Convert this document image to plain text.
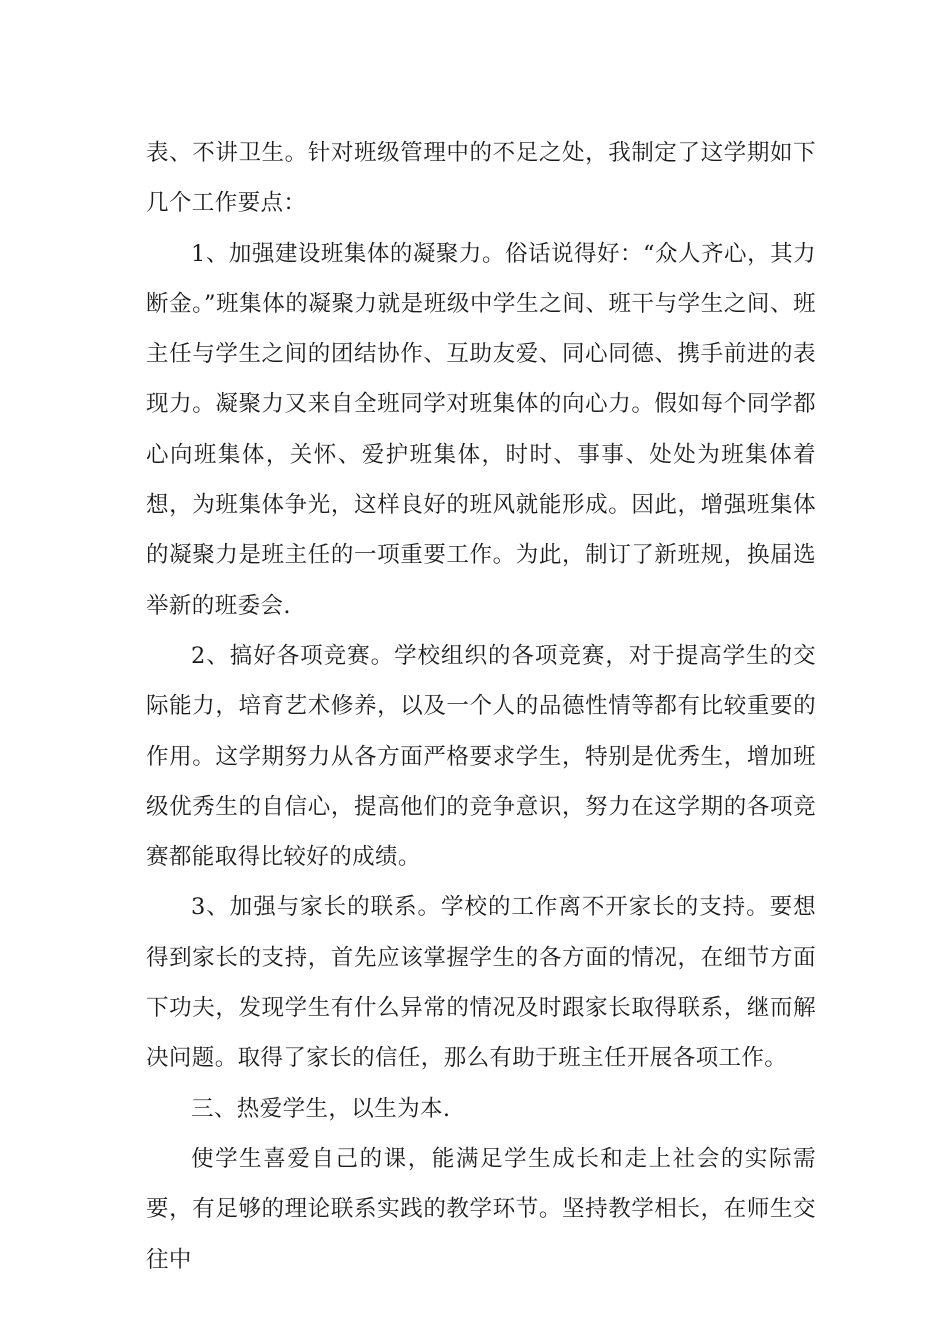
表、不讲卫生。针对班级管理中的不足之处，我制定了这学期如下几个工作要点：

1、加强建设班集体的凝聚力。俗话说得好：“众人齐心，其力断金。”班集体的凝聚力就是班级中学生之间、班干与学生之间、班主任与学生之间的团结协作、互助友爱、同心同德、携手前进的表现力。凝聚力又来自全班同学对班集体的向心力。假如每个同学都心向班集体，关怀、爱护班集体，时时、事事、处处为班集体着想，为班集体争光，这样良好的班风就能形成。因此，增强班集体的凝聚力是班主任的一项重要工作。为此，制订了新班规，换届选举新的班委会.

2、搞好各项竞赛。学校组织的各项竞赛，对于提高学生的交际能力，培育艺术修养，以及一个人的品德性情等都有比较重要的作用。这学期努力从各方面严格要求学生，特别是优秀生，增加班级优秀生的自信心，提高他们的竞争意识，努力在这学期的各项竞赛都能取得比较好的成绩。

3、加强与家长的联系。学校的工作离不开家长的支持。要想得到家长的支持，首先应该掌握学生的各方面的情况，在细节方面下功夫，发现学生有什么异常的情况及时跟家长取得联系，继而解决问题。取得了家长的信任，那么有助于班主任开展各项工作。

三、热爱学生，以生为本.

使学生喜爱自己的课，能满足学生成长和走上社会的实际需要，有足够的理论联系实践的教学环节。坚持教学相长，在师生交往中
